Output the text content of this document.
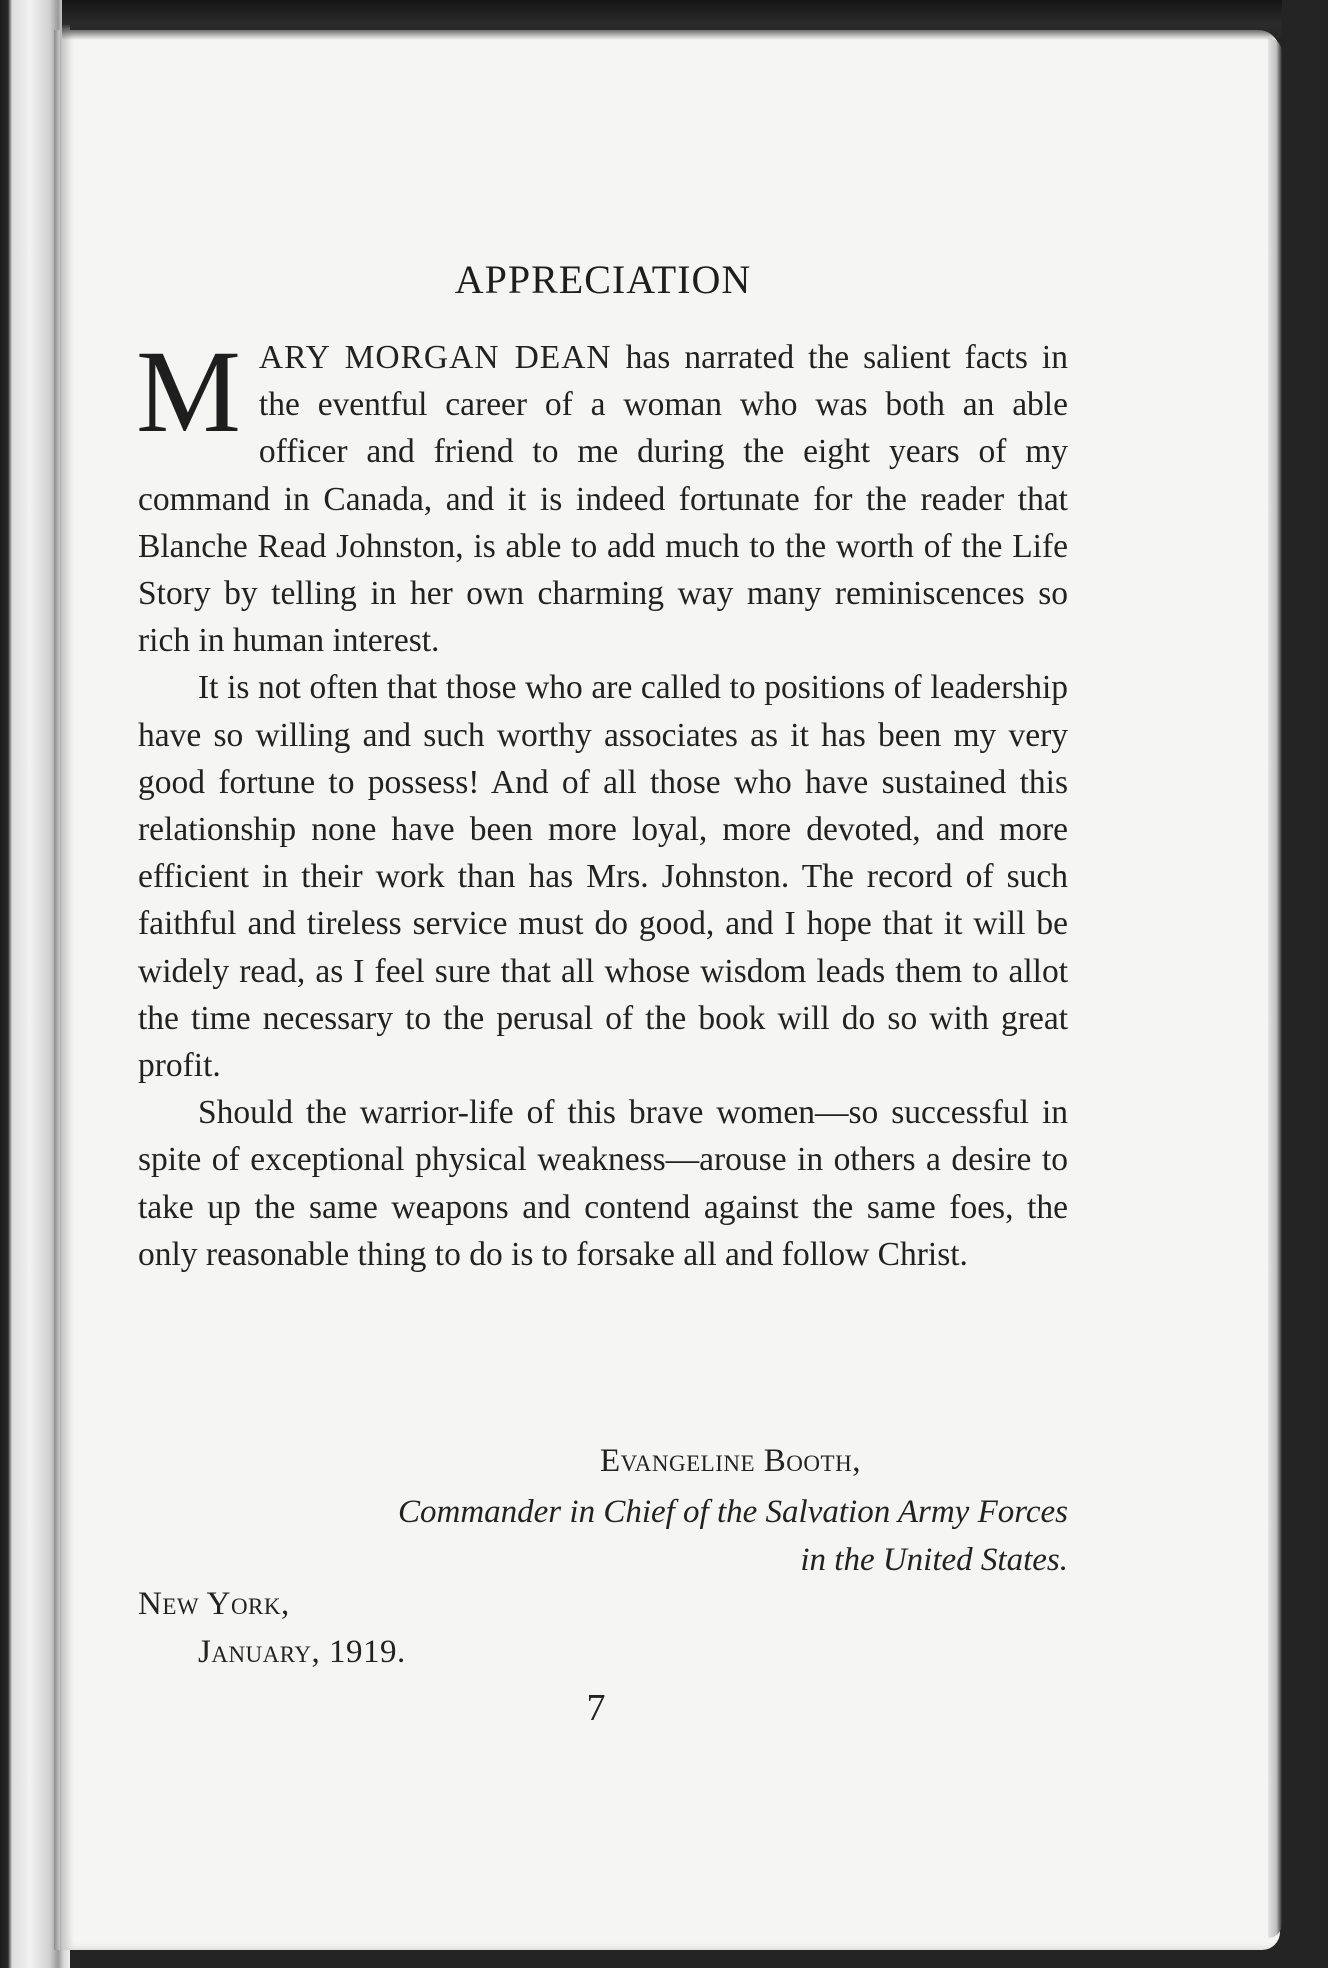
APPRECIATION

MARY MORGAN DEAN has narrated the salient facts in the eventful career of a woman who was both an able officer and friend to me during the eight years of my command in Canada, and it is indeed fortunate for the reader that Blanche Read Johnston, is able to add much to the worth of the Life Story by telling in her own charming way many reminiscences so rich in human interest.

It is not often that those who are called to positions of leadership have so willing and such worthy associates as it has been my very good fortune to possess! And of all those who have sustained this relationship none have been more loyal, more devoted, and more efficient in their work than has Mrs. Johnston. The record of such faithful and tireless service must do good, and I hope that it will be widely read, as I feel sure that all whose wisdom leads them to allot the time necessary to the perusal of the book will do so with great profit.

Should the warrior-life of this brave women—so successful in spite of exceptional physical weakness—arouse in others a desire to take up the same weapons and contend against the same foes, the only reasonable thing to do is to forsake all and follow Christ.

Evangeline Booth,
Commander in Chief of the Salvation Army Forces
in the United States.
New York,
January, 1919.
7
